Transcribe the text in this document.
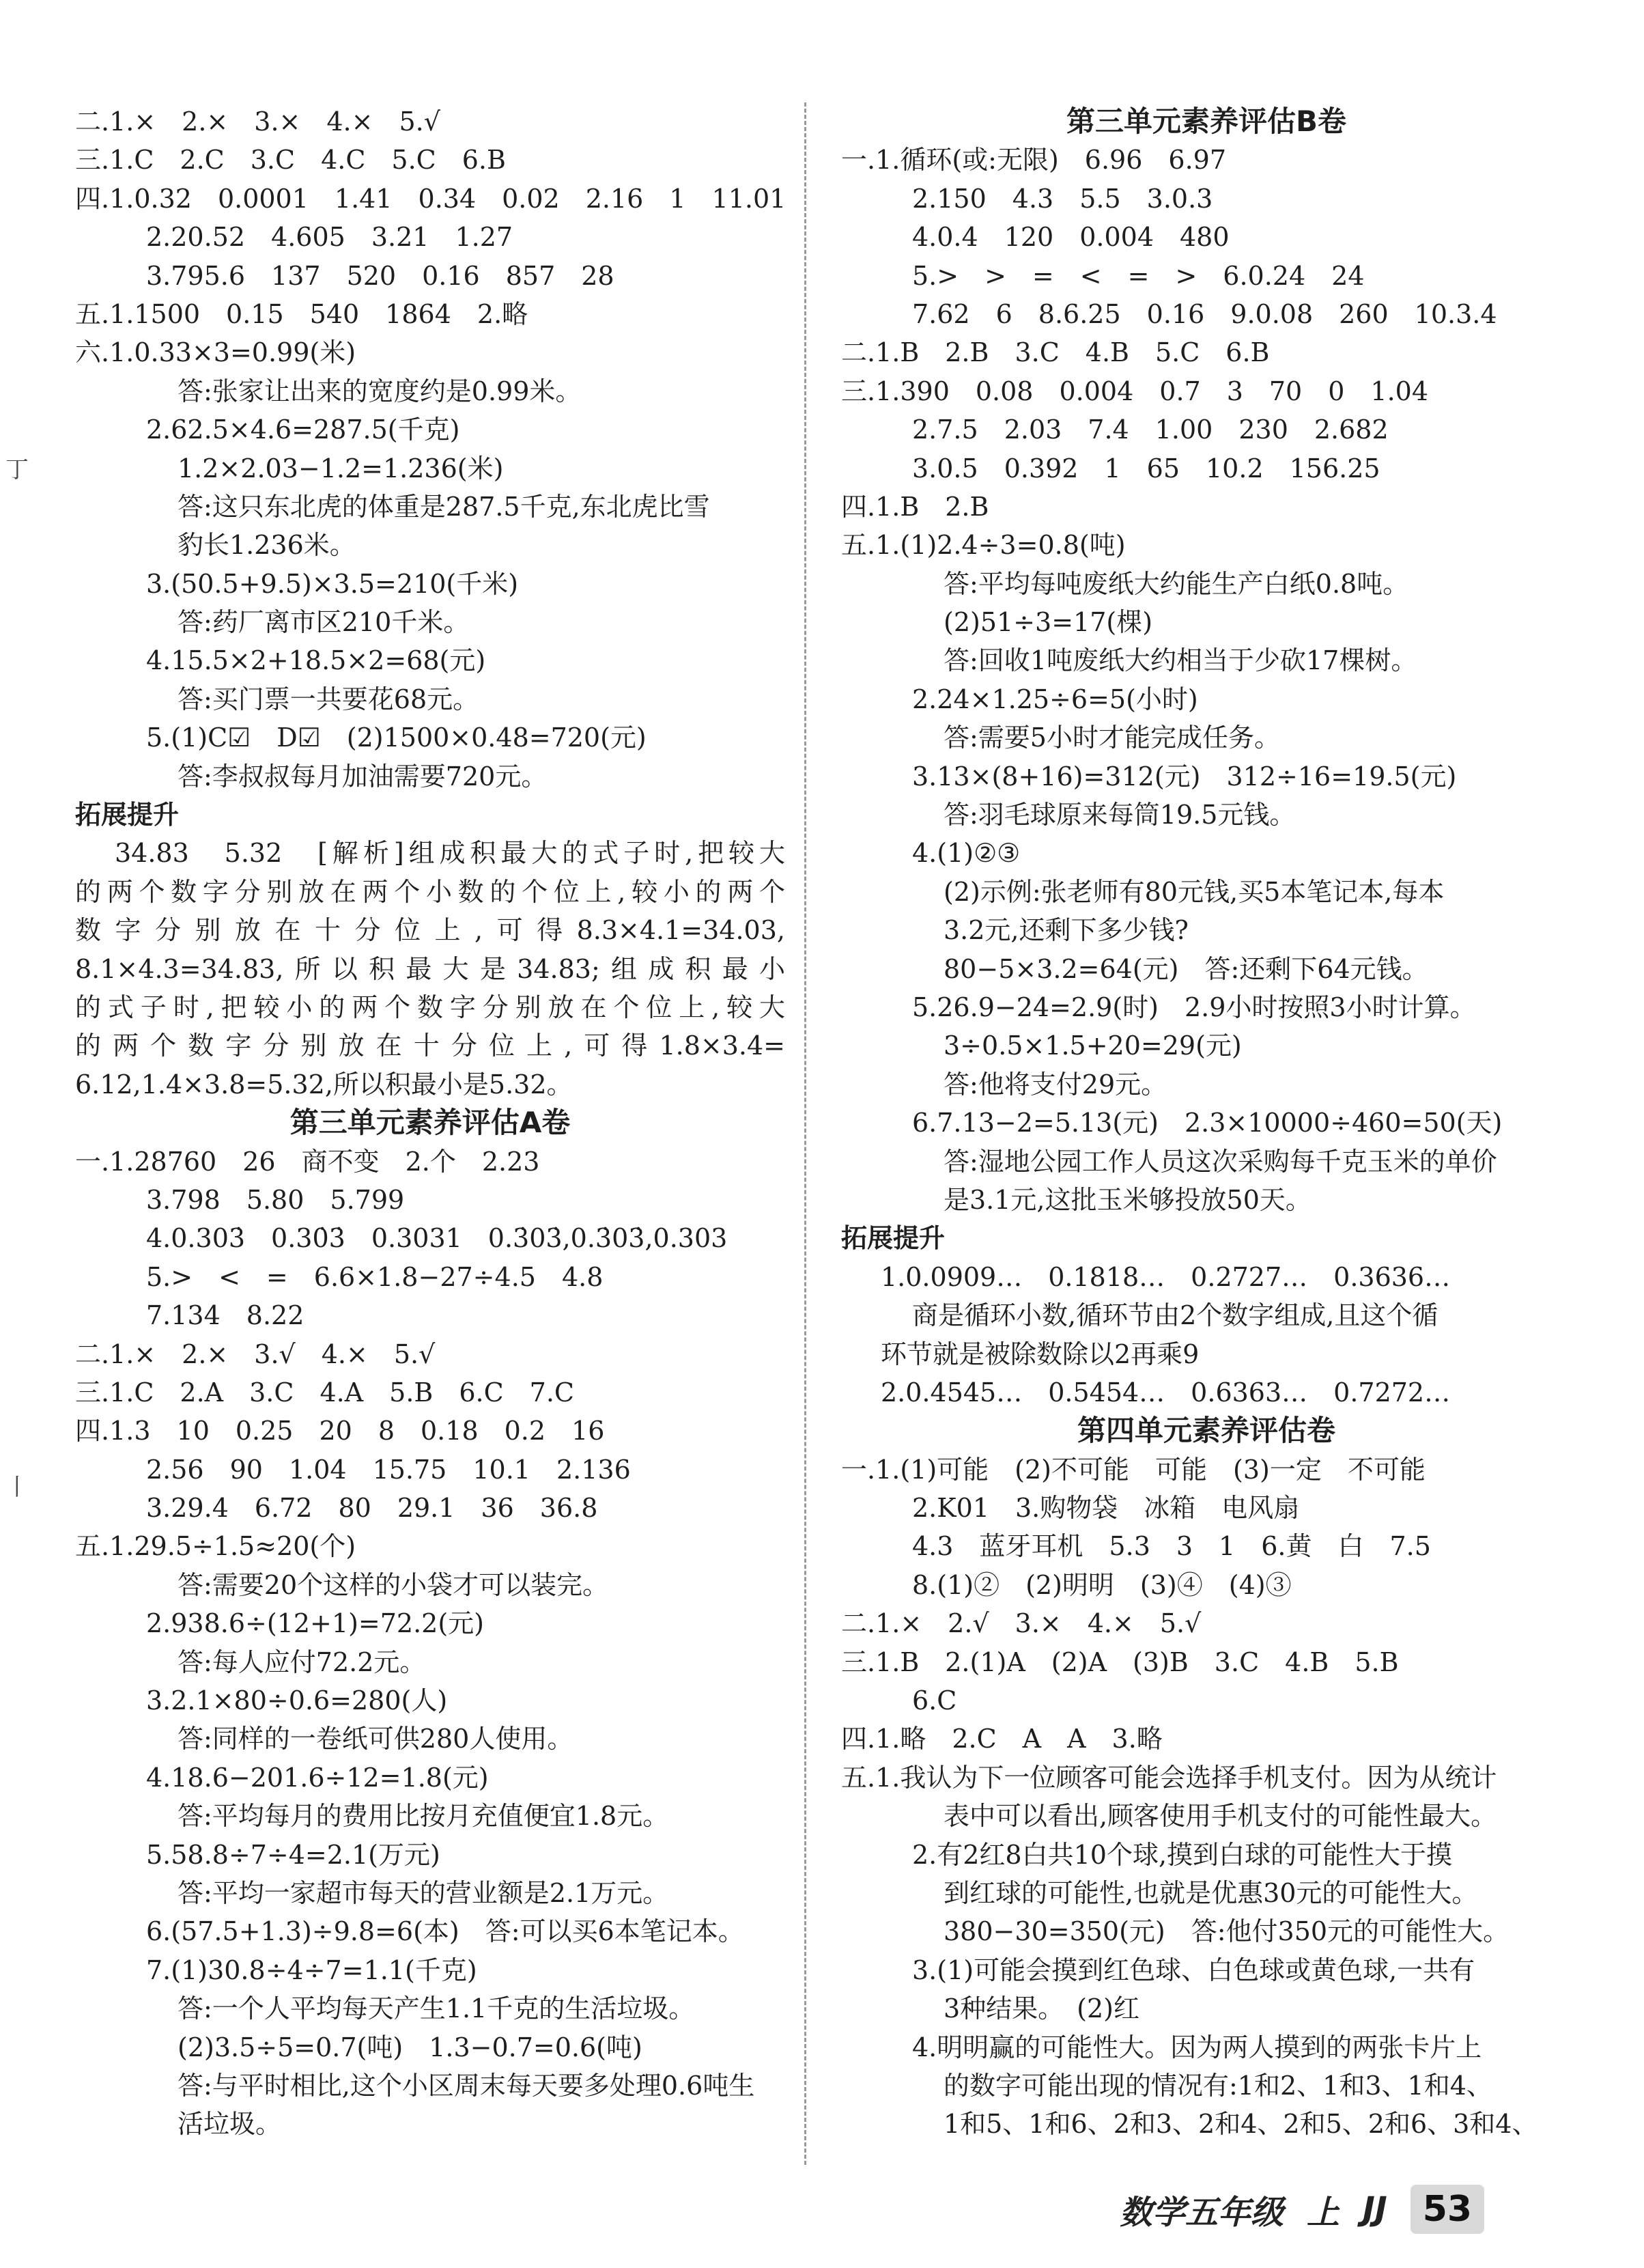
丁
丨
二.1.×　2.×　3.×　4.×　5.√
三.1.C　2.C　3.C　4.C　5.C　6.B
四.1.0.32　0.0001　1.41　0.34　0.02　2.16　1　11.01
2.20.52　4.605　3.21　1.27
3.795.6　137　520　0.16　857　28
五.1.1500　0.15　540　1864　2.略
六.1.0.33×3=0.99(米)
答:张家让出来的宽度约是0.99米。
2.62.5×4.6=287.5(千克)
1.2×2.03−1.2=1.236(米)
答:这只东北虎的体重是287.5千克,东北虎比雪
豹长1.236米。
3.(50.5+9.5)×3.5=210(千米)
答:药厂离市区210千米。
4.15.5×2+18.5×2=68(元)
答:买门票一共要花68元。
5.(1)C☑　D☑　(2)1500×0.48=720(元)
答:李叔叔每月加油需要720元。
拓展提升
34.83　5.32　[解析]组成积最大的式子时,把较大
的两个数字分别放在两个小数的个位上,较小的两个
数字分别放在十分位上,可得8.3×4.1=34.03,
8.1×4.3=34.83,所以积最大是34.83;组成积最小
的式子时,把较小的两个数字分别放在个位上,较大
的两个数字分别放在十分位上,可得1.8×3.4=
6.12,1.4×3.8=5.32,所以积最小是5.32。
第三单元素养评估A卷
一.1.28760　26　商不变　2.个　2.23
3.798　5.80　5.799
4.0.303̇　0.30̇3̇　0.3031　0.3̇03̇,0.3̇03̇,0.303
5.>　<　=　6.6×1.8−27÷4.5　4.8
7.134　8.22
二.1.×　2.×　3.√　4.×　5.√
三.1.C　2.A　3.C　4.A　5.B　6.C　7.C
四.1.3　10　0.25　20　8　0.18　0.2　16
2.56　90　1.04　15.75　10.1　2.136
3.29.4　6.72　80　29.1　36　36.8
五.1.29.5÷1.5≈20(个)
答:需要20个这样的小袋才可以装完。
2.938.6÷(12+1)=72.2(元)
答:每人应付72.2元。
3.2.1×80÷0.6=280(人)
答:同样的一卷纸可供280人使用。
4.18.6−201.6÷12=1.8(元)
答:平均每月的费用比按月充值便宜1.8元。
5.58.8÷7÷4=2.1(万元)
答:平均一家超市每天的营业额是2.1万元。
6.(57.5+1.3)÷9.8=6(本)　答:可以买6本笔记本。
7.(1)30.8÷4÷7=1.1(千克)
答:一个人平均每天产生1.1千克的生活垃圾。
(2)3.5÷5=0.7(吨)　1.3−0.7=0.6(吨)
答:与平时相比,这个小区周末每天要多处理0.6吨生
活垃圾。
第三单元素养评估B卷
一.1.循环(或:无限)　6.96　6.97
2.150　4.3　5.5　3.0.3
4.0.4　120　0.004　480
5.>　>　=　<　=　>　6.0.24　24
7.62　6　8.6.25　0.16　9.0.08　260　10.3.4
二.1.B　2.B　3.C　4.B　5.C　6.B
三.1.390　0.08　0.004　0.7　3　70　0　1.04
2.7.5　2.03　7.4　1.00　230　2.682
3.0.5　0.392　1　65　10.2　156.25
四.1.B　2.B
五.1.(1)2.4÷3=0.8(吨)
答:平均每吨废纸大约能生产白纸0.8吨。
(2)51÷3=17(棵)
答:回收1吨废纸大约相当于少砍17棵树。
2.24×1.25÷6=5(小时)
答:需要5小时才能完成任务。
3.13×(8+16)=312(元)　312÷16=19.5(元)
答:羽毛球原来每筒19.5元钱。
4.(1)②③
(2)示例:张老师有80元钱,买5本笔记本,每本
3.2元,还剩下多少钱?
80−5×3.2=64(元)　答:还剩下64元钱。
5.26.9−24=2.9(时)　2.9小时按照3小时计算。
3÷0.5×1.5+20=29(元)
答:他将支付29元。
6.7.13−2=5.13(元)　2.3×10000÷460=50(天)
答:湿地公园工作人员这次采购每千克玉米的单价
是3.1元,这批玉米够投放50天。
拓展提升
1.0.0909…　0.1818…　0.2727…　0.3636…
商是循环小数,循环节由2个数字组成,且这个循
环节就是被除数除以2再乘9
2.0.4545…　0.5454…　0.6363…　0.7272…
第四单元素养评估卷
一.1.(1)可能　(2)不可能　可能　(3)一定　不可能
2.K01　3.购物袋　冰箱　电风扇
4.3　蓝牙耳机　5.3　3　1　6.黄　白　7.5
8.(1)②　(2)明明　(3)④　(4)③
二.1.×　2.√　3.×　4.×　5.√
三.1.B　2.(1)A　(2)A　(3)B　3.C　4.B　5.B
6.C
四.1.略　2.C　A　A　3.略
五.1.我认为下一位顾客可能会选择手机支付。因为从统计
表中可以看出,顾客使用手机支付的可能性最大。
2.有2红8白共10个球,摸到白球的可能性大于摸
到红球的可能性,也就是优惠30元的可能性大。
380−30=350(元)　答:他付350元的可能性大。
3.(1)可能会摸到红色球、白色球或黄色球,一共有
3种结果。　(2)红
4.明明赢的可能性大。因为两人摸到的两张卡片上
的数字可能出现的情况有:1和2、1和3、1和4、
1和5、1和6、2和3、2和4、2和5、2和6、3和4、
数学五年级 上 JJ	53
